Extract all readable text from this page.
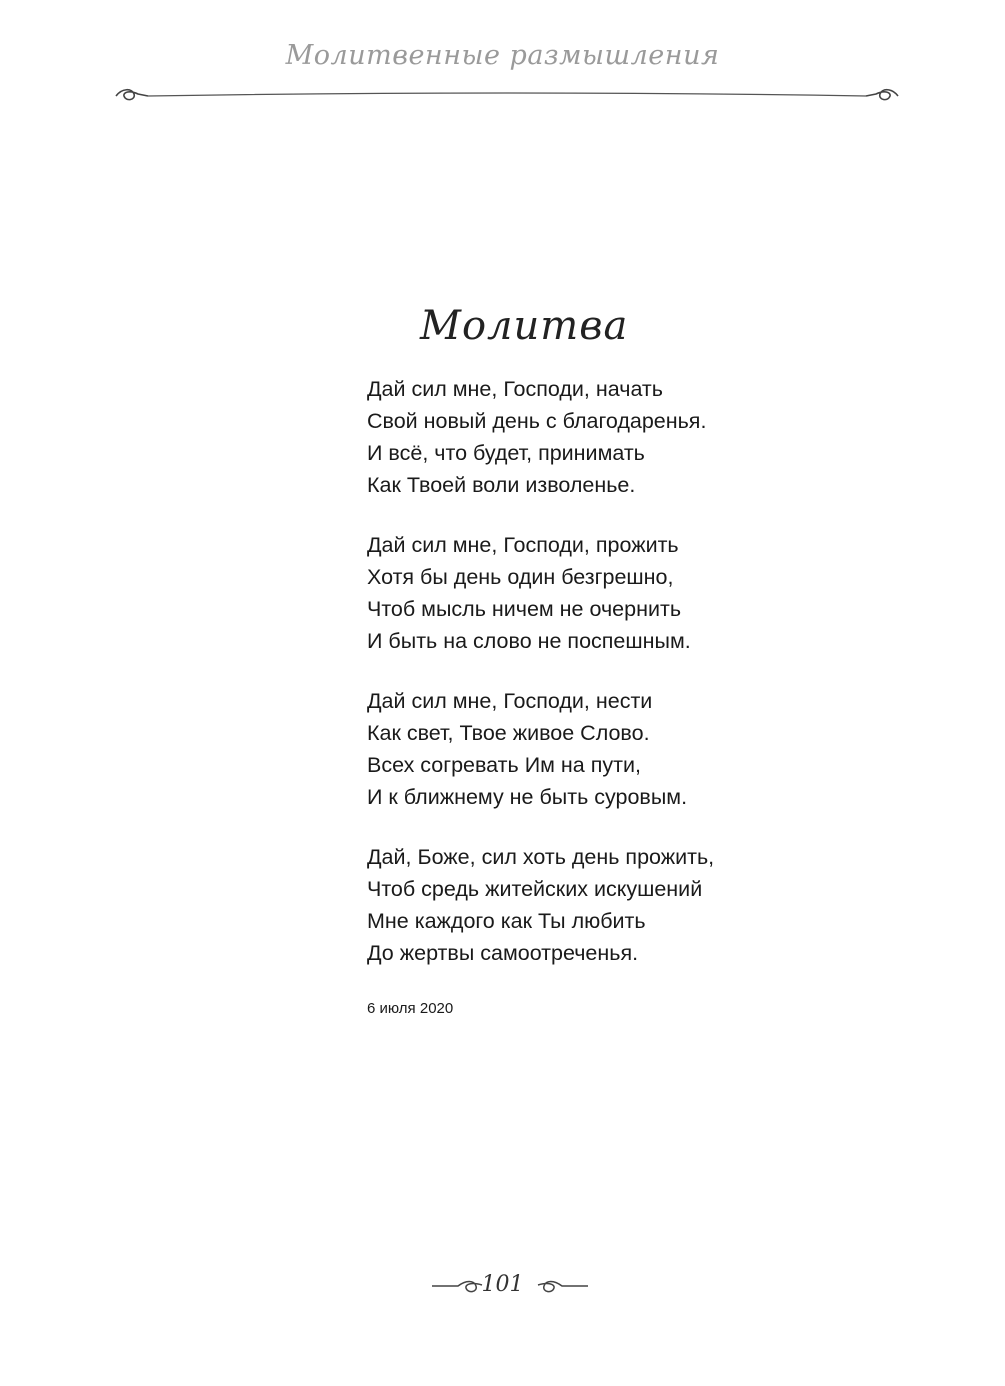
Молитвенные размышления
Молитва
Дай сил мне, Господи, начать
Свой новый день с благодаренья.
И всё, что будет, принимать
Как Твоей воли изволенье.
Дай сил мне, Господи, прожить
Хотя бы день один безгрешно,
Чтоб мысль ничем не очернить
И быть на слово не поспешным.
Дай сил мне, Господи, нести
Как свет, Твое живое Слово.
Всех согревать Им на пути,
И к ближнему не быть суровым.
Дай, Боже, сил хоть день прожить,
Чтоб средь житейских искушений
Мне каждого как Ты любить
До жертвы самоотреченья.
6 июля 2020
101
